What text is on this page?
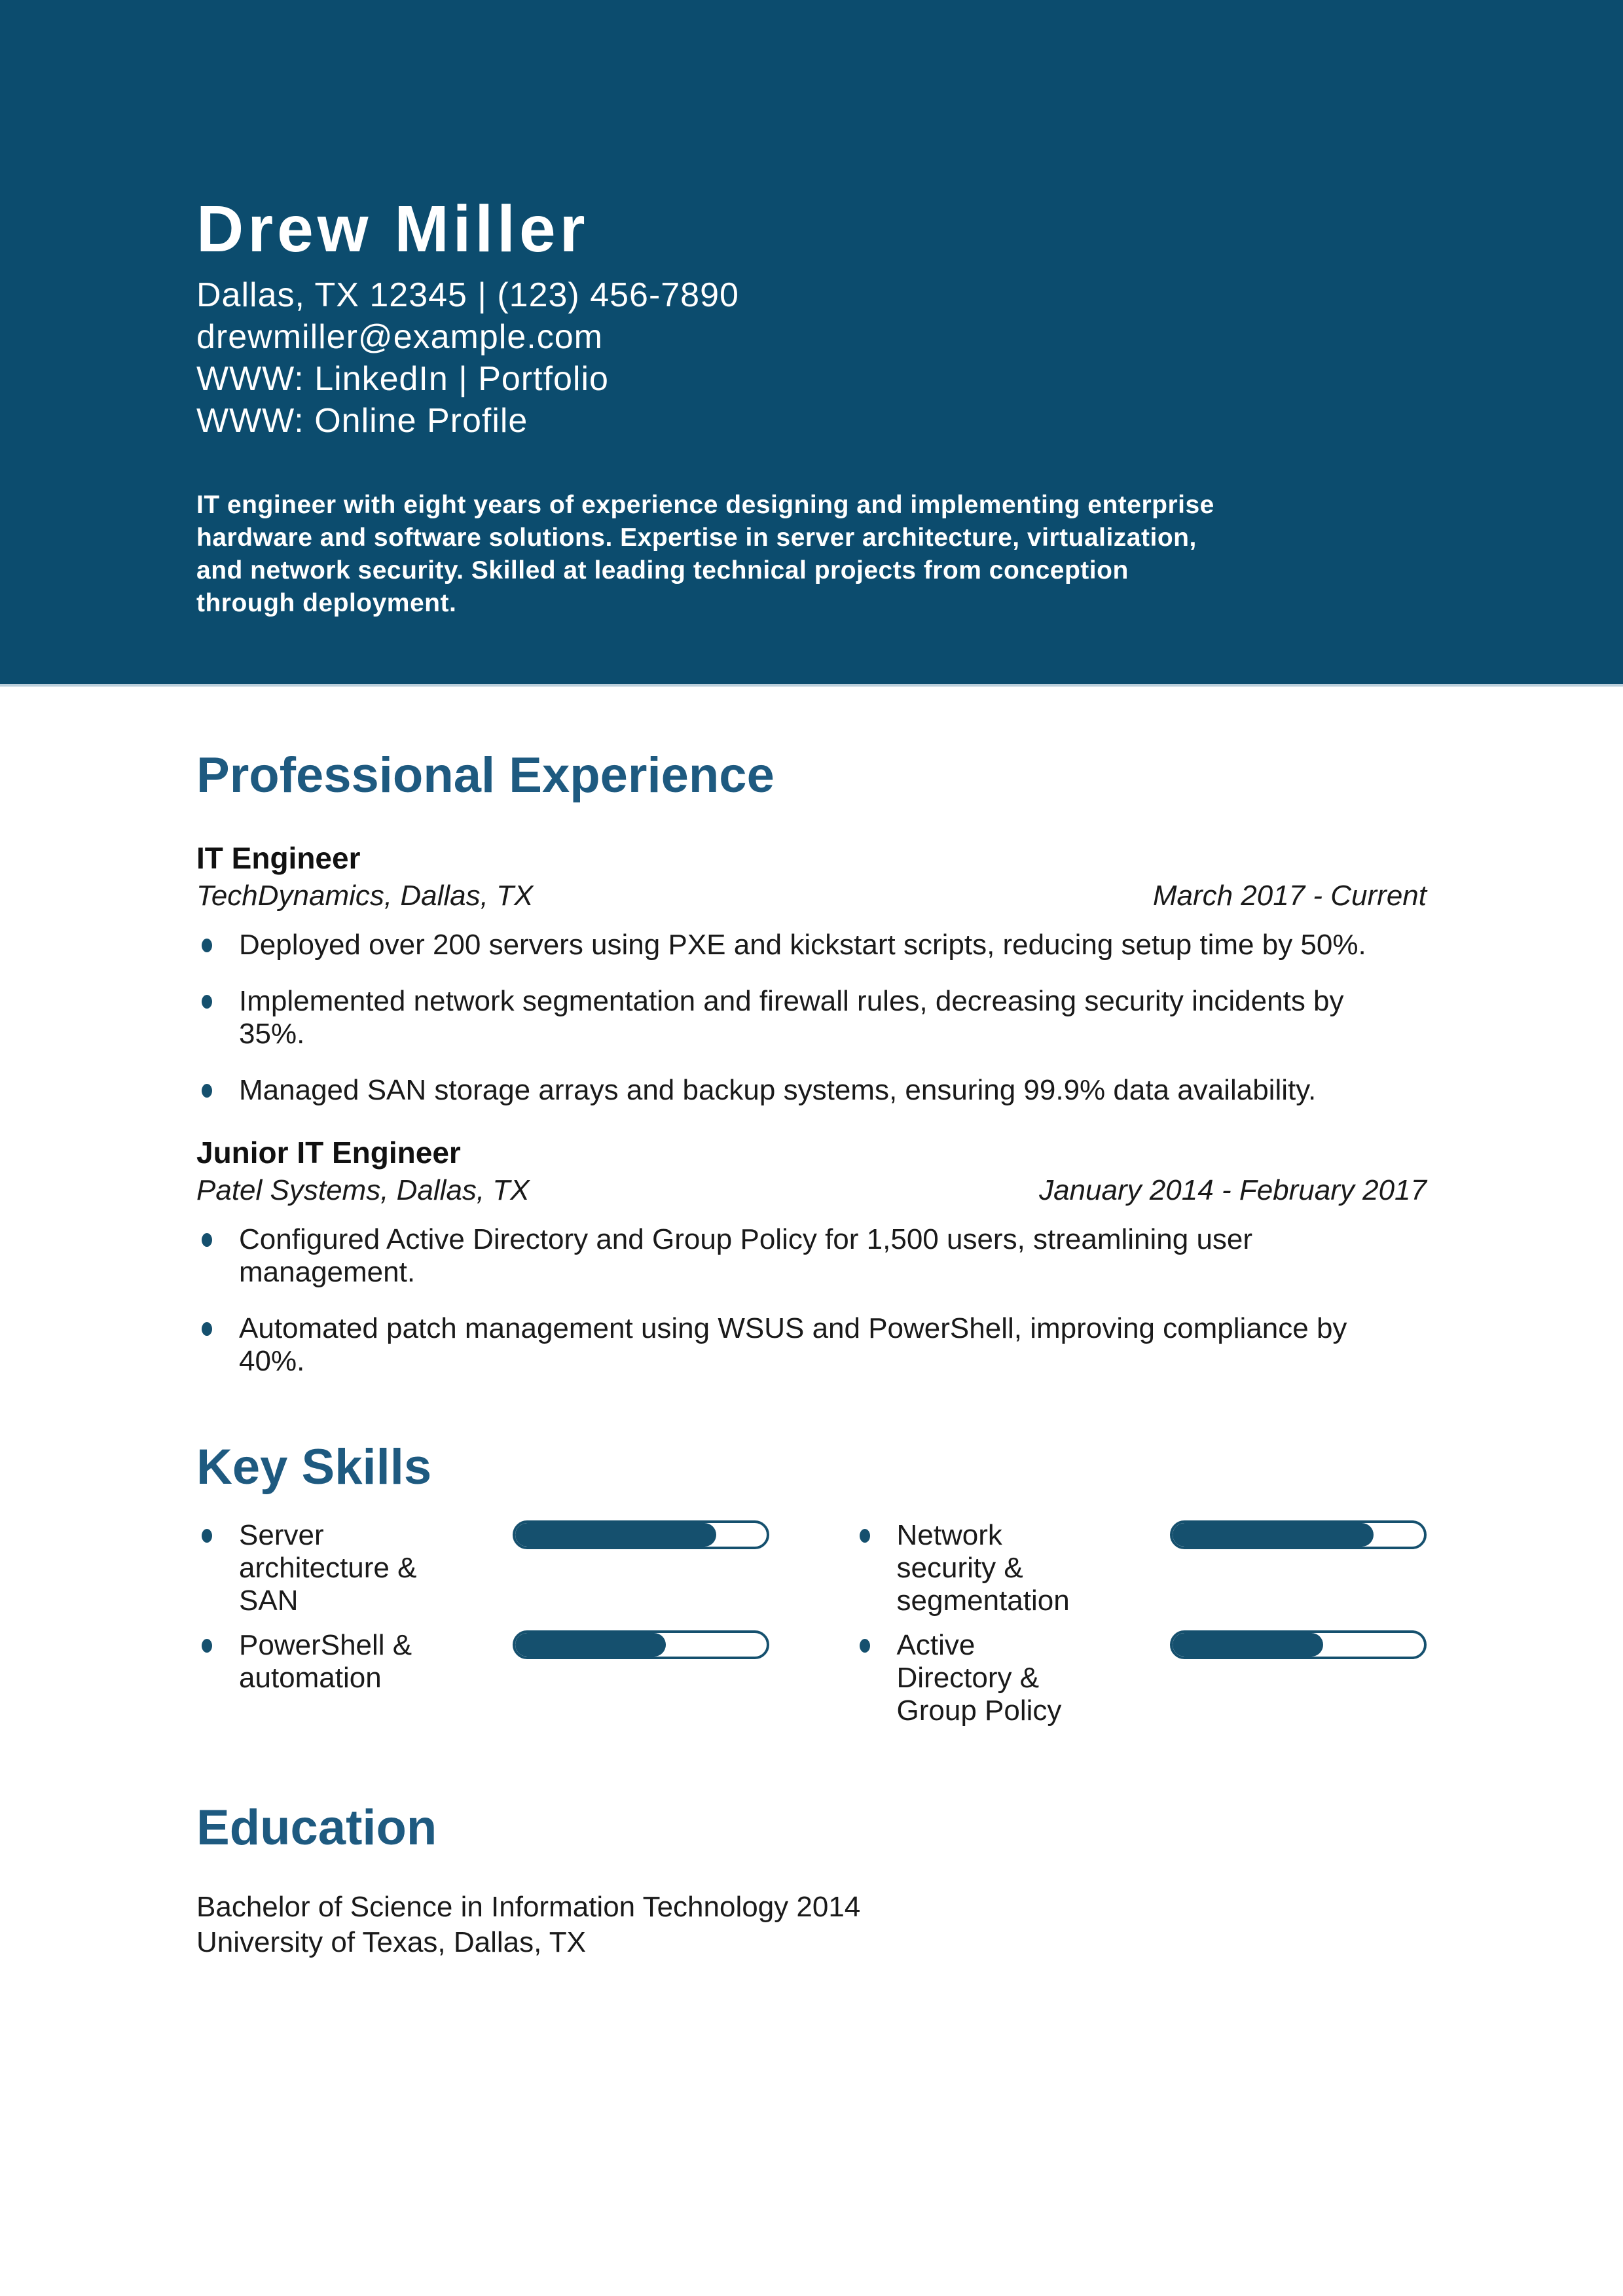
Drew Miller
Dallas, TX 12345 | (123) 456-7890
drewmiller@example.com
WWW: LinkedIn | Portfolio
WWW: Online Profile

IT engineer with eight years of experience designing and implementing enterprise hardware and software solutions. Expertise in server architecture, virtualization, and network security. Skilled at leading technical projects from conception through deployment.

Professional Experience
IT Engineer
TechDynamics, Dallas, TX	March 2017 - Current
Deployed over 200 servers using PXE and kickstart scripts, reducing setup time by 50%.
Implemented network segmentation and firewall rules, decreasing security incidents by 35%.
Managed SAN storage arrays and backup systems, ensuring 99.9% data availability.
Junior IT Engineer
Patel Systems, Dallas, TX	January 2014 - February 2017
Configured Active Directory and Group Policy for 1,500 users, streamlining user management.
Automated patch management using WSUS and PowerShell, improving compliance by 40%.
Key Skills
Server architecture & SAN
Network security & segmentation
PowerShell & automation
Active Directory & Group Policy
Education
Bachelor of Science in Information Technology 2014
University of Texas, Dallas, TX
